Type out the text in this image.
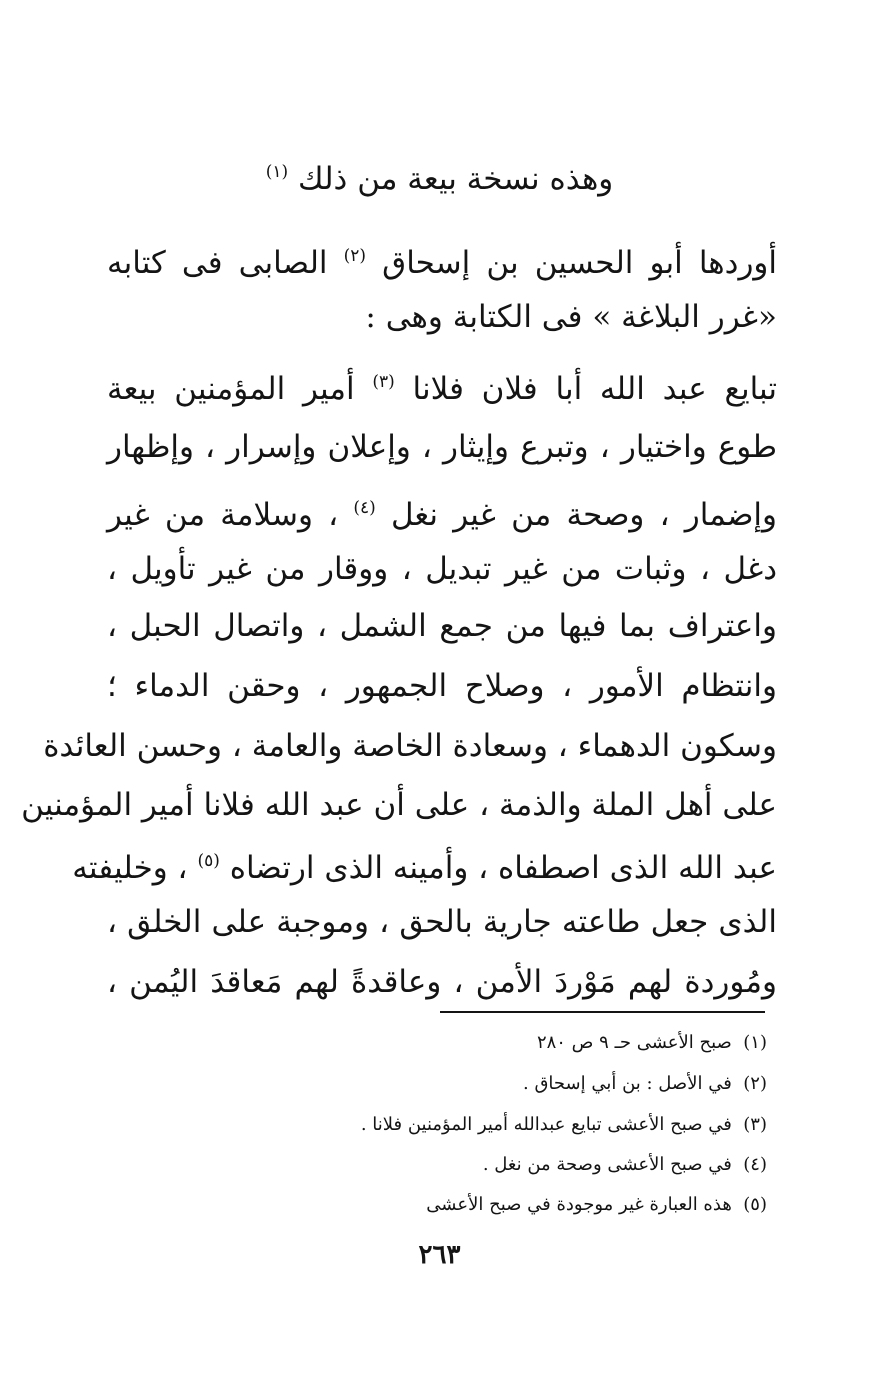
وهذه نسخة بيعة من ذلك $^{(١)}$
أوردها أبو الحسين بن إسحاق $^{(٢)}$ الصابى فى كتابه
«غرر البلاغة » فى الكتابة وهى :
تبايع عبد الله أبا فلان فلانا $^{(٣)}$ أمير المؤمنين بيعة
طوع واختيار ، وتبرع وإيثار ، وإعلان وإسرار ، وإظهار
وإضمار ، وصحة من غير نغل $^{(٤)}$ ، وسلامة من غير
دغل ، وثبات من غير تبديل ، ووقار من غير تأويل ،
واعتراف بما فيها من جمع الشمل ، واتصال الحبل ،
وانتظام الأمور ، وصلاح الجمهور ، وحقن الدماء ؛
وسكون الدهماء ، وسعادة الخاصة والعامة ، وحسن العائدة
على أهل الملة والذمة ، على أن عبد الله فلانا أمير المؤمنين
عبد الله الذى اصطفاه ، وأمينه الذى ارتضاه $^{(٥)}$ ، وخليفته
الذى جعل طاعته جارية بالحق ، وموجبة على الخلق ،
ومُوردة لهم مَوْردَ الأمن ، وعاقدةً لهم مَعاقدَ اليُمن ،
(١)  صبح الأعشى حـ ٩ ص ٢٨٠
(٢)  في الأصل : بن أبي إسحاق .
(٣)  في صبح الأعشى تبايع عبدالله أمير المؤمنين فلانا .
(٤)  في صبح الأعشى وصحة من نغل .
(٥)  هذه العبارة غير موجودة في صبح الأعشى
٢٦٣
